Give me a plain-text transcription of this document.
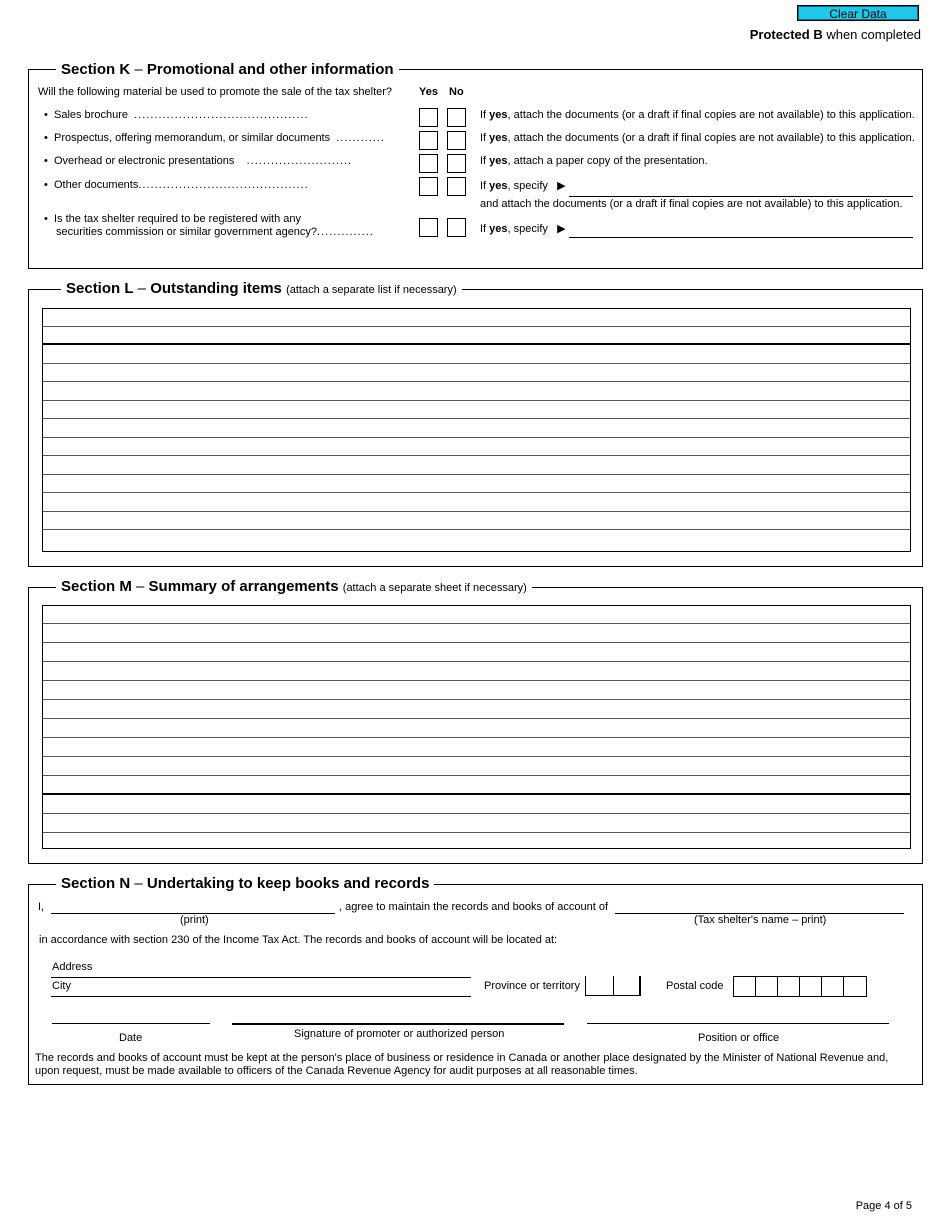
Clear Data
Protected B when completed
Section K – Promotional and other information
Will the following material be used to promote the sale of the tax shelter? Yes No
• Sales brochure ...........................................	If yes, attach the documents (or a draft if final copies are not available) to this application.
• Prospectus, offering memorandum, or similar documents ............	If yes, attach the documents (or a draft if final copies are not available) to this application.
• Overhead or electronic presentations ..........................	If yes, attach a paper copy of the presentation.
• Other documents..........................................	If yes, specify ▶
and attach the documents (or a draft if final copies are not available) to this application.
• Is the tax shelter required to be registered with any
securities commission or similar government agency?..............	If yes, specify ▶
Section L – Outstanding items (attach a separate list if necessary)
Section M – Summary of arrangements (attach a separate sheet if necessary)
Section N – Undertaking to keep books and records
I,	, agree to maintain the records and books of account of
(print)	(Tax shelter's name – print)
in accordance with section 230 of the Income Tax Act. The records and books of account will be located at:
Address
City	Province or territory	Postal code
Date	Signature of promoter or authorized person	Position or office
The records and books of account must be kept at the person's place of business or residence in Canada or another place designated by the Minister of National Revenue and,
upon request, must be made available to officers of the Canada Revenue Agency for audit purposes at all reasonable times.
Page 4 of 5
